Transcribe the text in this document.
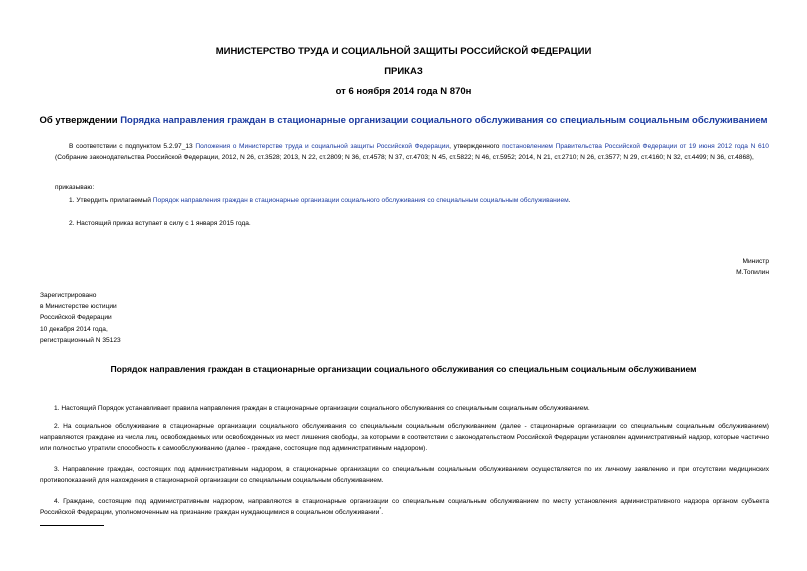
МИНИСТЕРСТВО ТРУДА И СОЦИАЛЬНОЙ ЗАЩИТЫ РОССИЙСКОЙ ФЕДЕРАЦИИ
ПРИКАЗ
от 6 ноября 2014 года N 870н
Об утверждении Порядка направления граждан в стационарные организации социального обслуживания со специальным социальным обслуживанием
В соответствии с подпунктом 5.2.97_13 Положения о Министерстве труда и социальной защиты Российской Федерации, утвержденного постановлением Правительства Российской Федерации от 19 июня 2012 года N 610 (Собрание законодательства Российской Федерации, 2012, N 26, ст.3528; 2013, N 22, ст.2809; N 36, ст.4578; N 37, ст.4703; N 45, ст.5822; N 46, ст.5952; 2014, N 21, ст.2710; N 26, ст.3577; N 29, ст.4160; N 32, ст.4499; N 36, ст.4868),
приказываю:
1. Утвердить прилагаемый Порядок направления граждан в стационарные организации социального обслуживания со специальным социальным обслуживанием.
2. Настоящий приказ вступает в силу с 1 января 2015 года.
Министр
М.Топилин
Зарегистрировано
в Министерстве юстиции
Российской Федерации
10 декабря 2014 года,
регистрационный N 35123
Порядок направления граждан в стационарные организации социального обслуживания со специальным социальным обслуживанием
1. Настоящий Порядок устанавливает правила направления граждан в стационарные организации социального обслуживания со специальным социальным обслуживанием.
2. На социальное обслуживание в стационарные организации социального обслуживания со специальным социальным обслуживанием (далее - стационарные организации со специальным социальным обслуживанием) направляются граждане из числа лиц, освобождаемых или освобожденных из мест лишения свободы, за которыми в соответствии с законодательством Российской Федерации установлен административный надзор, которые частично или полностью утратили способность к самообслуживанию (далее - граждане, состоящие под административным надзором).
3. Направление граждан, состоящих под административным надзором, в стационарные организации со специальным социальным обслуживанием осуществляется по их личному заявлению и при отсутствии медицинских противопоказаний для нахождения в стационарной организации со специальным социальным обслуживанием.
4. Граждане, состоящие под административным надзором, направляются в стационарные организации со специальным социальным обслуживанием по месту установления административного надзора органом субъекта Российской Федерации, уполномоченным на признание граждан нуждающимися в социальном обслуживании*.
